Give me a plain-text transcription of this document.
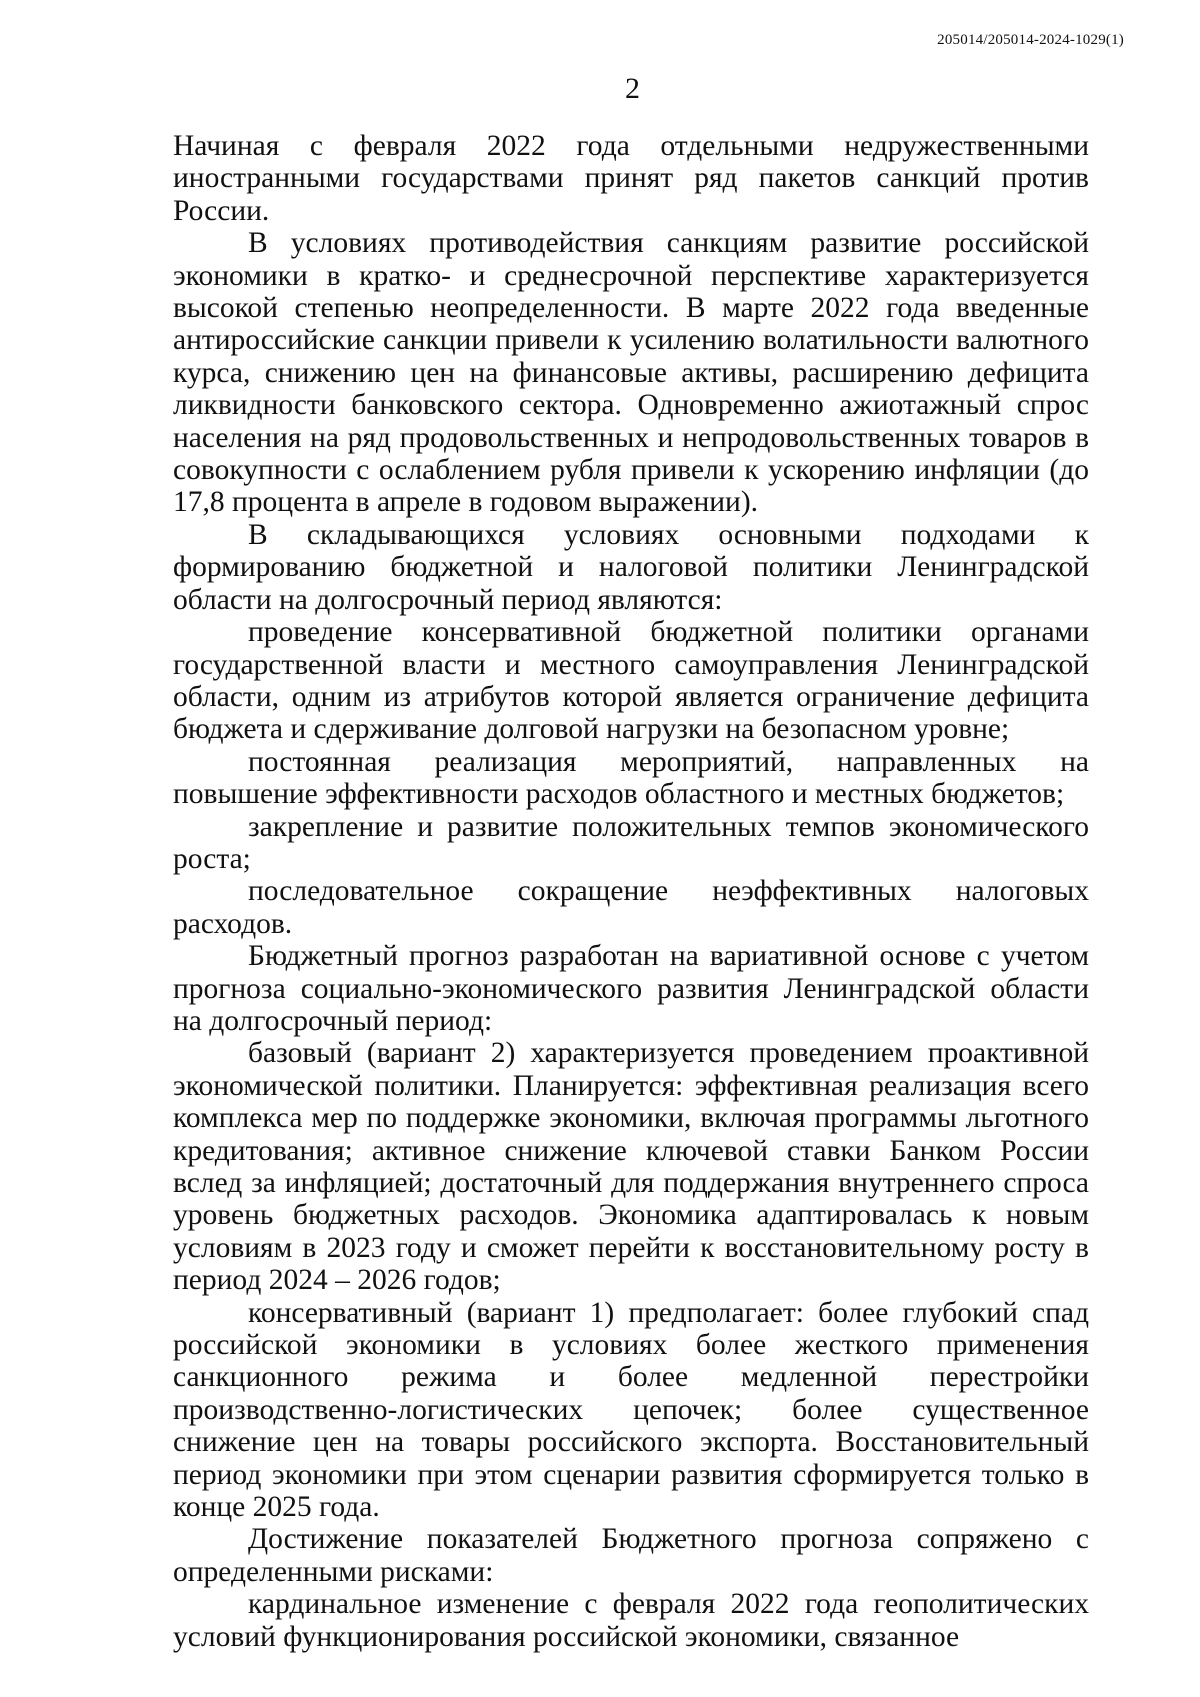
205014/205014-2024-1029(1)
2

Начиная с февраля 2022 года отдельными недружественными иностранными государствами принят ряд пакетов санкций против России.

В условиях противодействия санкциям развитие российской экономики в кратко- и среднесрочной перспективе характеризуется высокой степенью неопределенности. В марте 2022 года введенные антироссийские санкции привели к усилению волатильности валютного курса, снижению цен на финансовые активы, расширению дефицита ликвидности банковского сектора. Одновременно ажиотажный спрос населения на ряд продовольственных и непродовольственных товаров в совокупности с ослаблением рубля привели к ускорению инфляции (до 17,8 процента в апреле в годовом выражении).

В складывающихся условиях основными подходами к формированию бюджетной и налоговой политики Ленинградской области на долгосрочный период являются:

проведение консервативной бюджетной политики органами государственной власти и местного самоуправления Ленинградской области, одним из атрибутов которой является ограничение дефицита бюджета и сдерживание долговой нагрузки на безопасном уровне;

постоянная реализация мероприятий, направленных на повышение эффективности расходов областного и местных бюджетов;

закрепление и развитие положительных темпов экономического роста;

последовательное сокращение неэффективных налоговых расходов.

Бюджетный прогноз разработан на вариативной основе с учетом прогноза социально-экономического развития Ленинградской области на долгосрочный период:

базовый (вариант 2) характеризуется проведением проактивной экономической политики. Планируется: эффективная реализация всего комплекса мер по поддержке экономики, включая программы льготного кредитования; активное снижение ключевой ставки Банком России вслед за инфляцией; достаточный для поддержания внутреннего спроса уровень бюджетных расходов. Экономика адаптировалась к новым условиям в 2023 году и сможет перейти к восстановительному росту в период 2024 – 2026 годов;

консервативный (вариант 1) предполагает: более глубокий спад российской экономики в условиях более жесткого применения санкционного режима и более медленной перестройки производственно-логистических цепочек; более существенное снижение цен на товары российского экспорта. Восстановительный период экономики при этом сценарии развития сформируется только в конце 2025 года.

Достижение показателей Бюджетного прогноза сопряжено с определенными рисками:

кардинальное изменение с февраля 2022 года геополитических условий функционирования российской экономики, связанное
